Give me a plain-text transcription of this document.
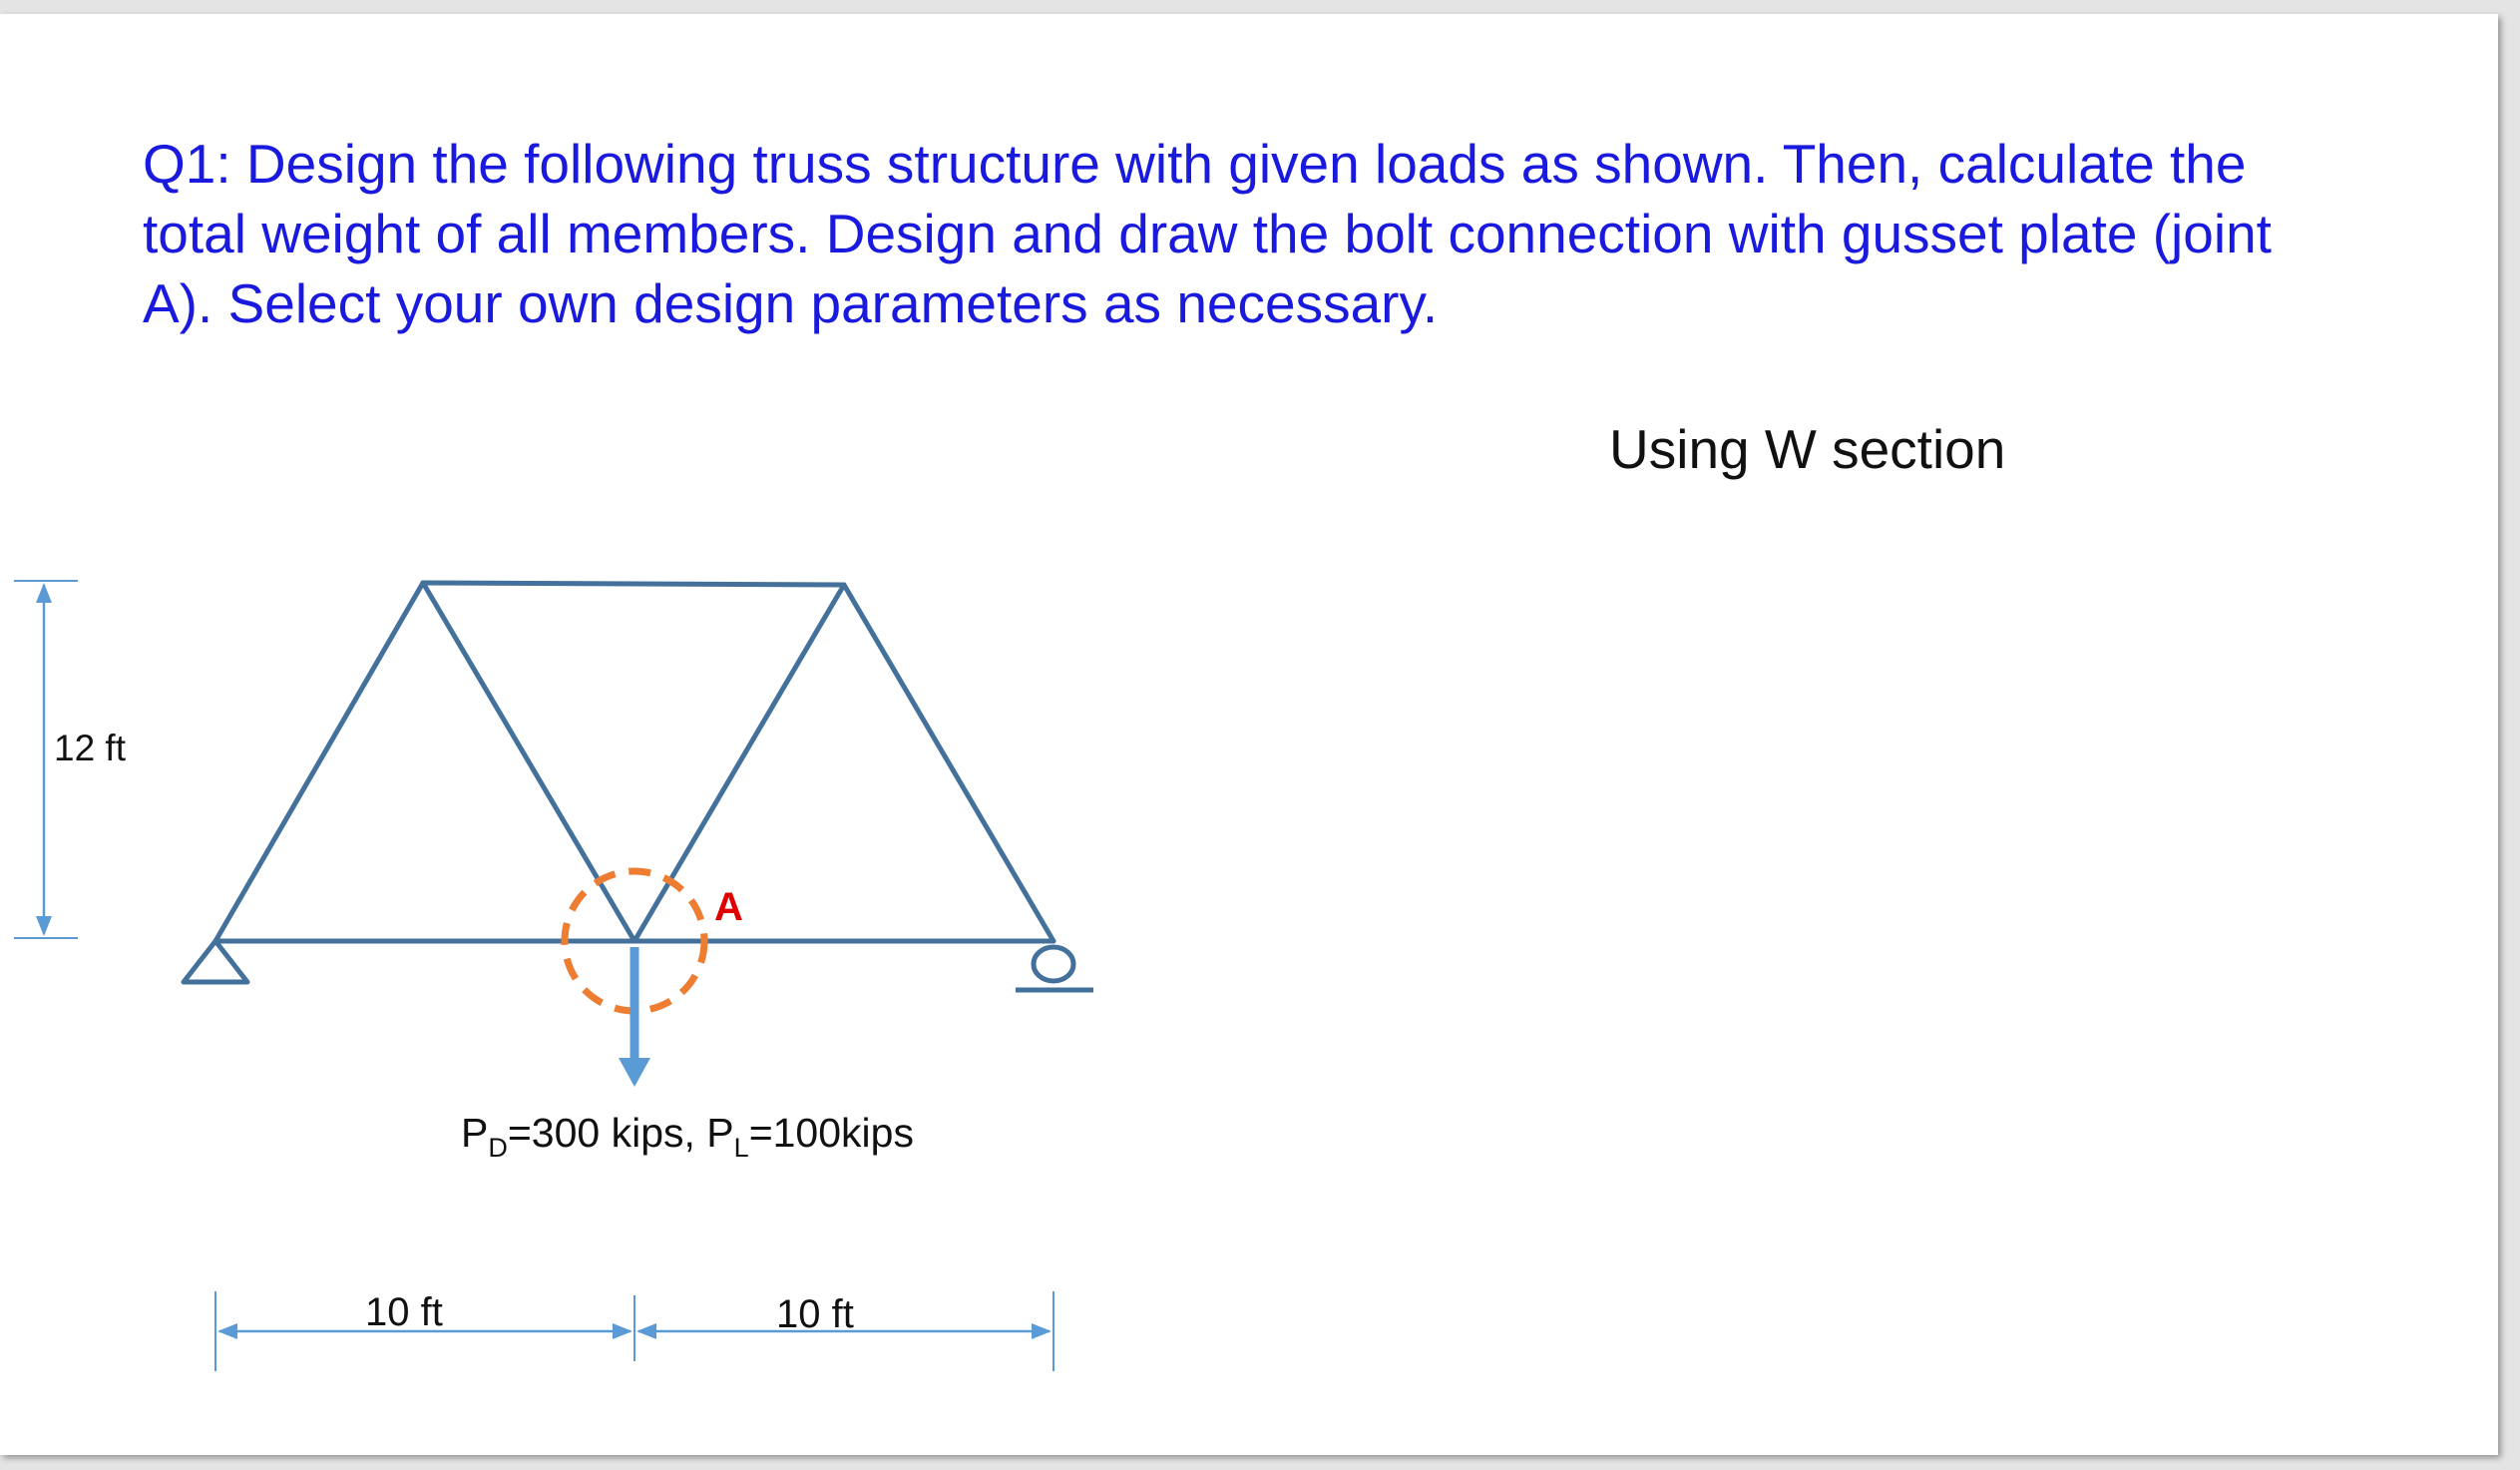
Q1: Design the following truss structure with given loads as shown. Then, calculate the total weight of all members. Design and draw the bolt connection with gusset plate (joint A). Select your own design parameters as necessary.

Using W section

12 ft
A
$P_D=300$ kips, $P_L=100kips$
10 ft	10 ft
